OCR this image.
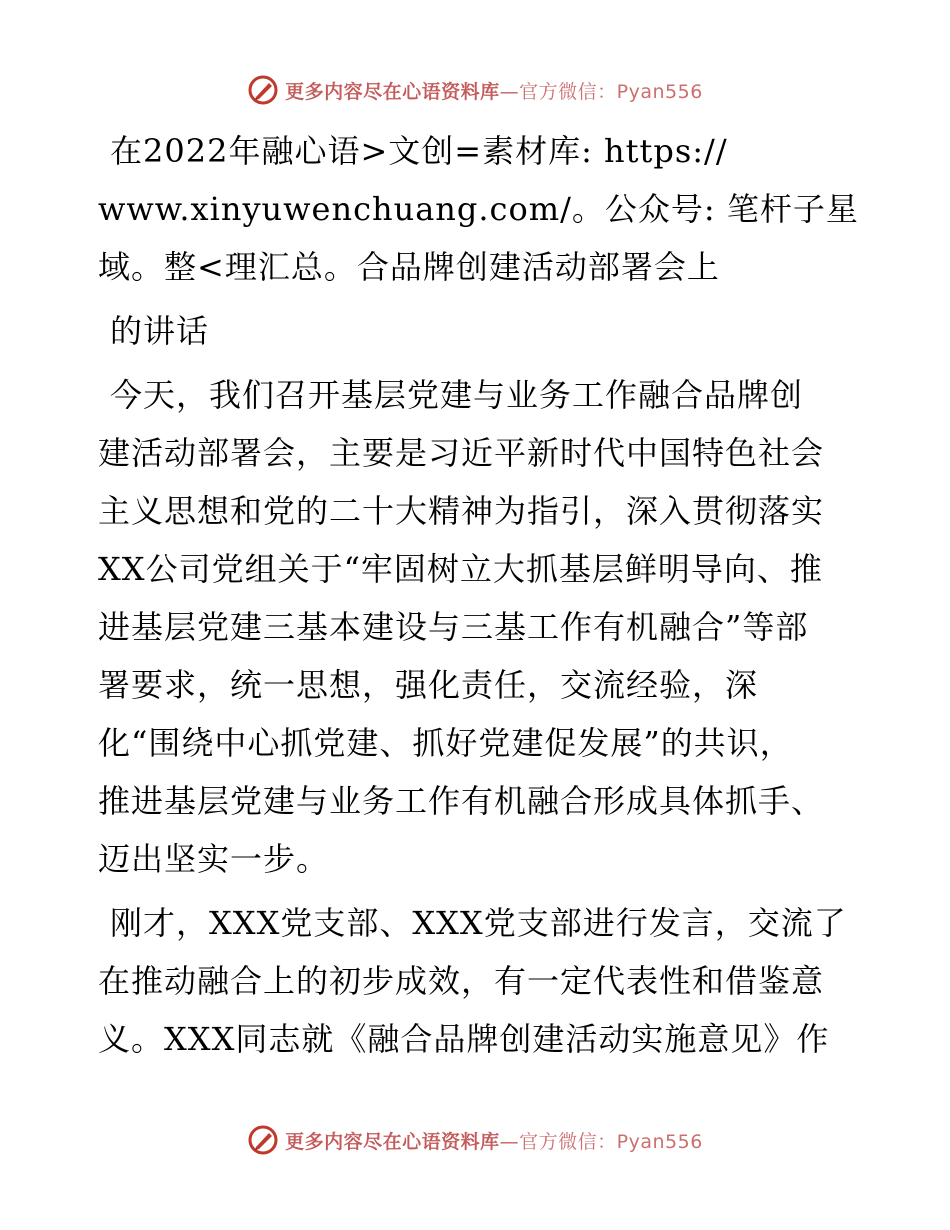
更多内容尽在心语资料库—官方微信：Pyan556
在2022年融心语>文创=素材库: https://
www.xinyuwenchuang.com/。公众号: 笔杆子星
域。整<理汇总。合品牌创建活动部署会上
的讲话
今天，我们召开基层党建与业务工作融合品牌创
建活动部署会，主要是习近平新时代中国特色社会
主义思想和党的二十大精神为指引，深入贯彻落实
XX公司党组关于“牢固树立大抓基层鲜明导向、推
进基层党建三基本建设与三基工作有机融合”等部
署要求，统一思想，强化责任，交流经验，深
化“围绕中心抓党建、抓好党建促发展”的共识，
推进基层党建与业务工作有机融合形成具体抓手、
迈出坚实一步。
刚才，XXX党支部、XXX党支部进行发言，交流了
在推动融合上的初步成效，有一定代表性和借鉴意
义。XXX同志就《融合品牌创建活动实施意见》作
更多内容尽在心语资料库—官方微信：Pyan556
